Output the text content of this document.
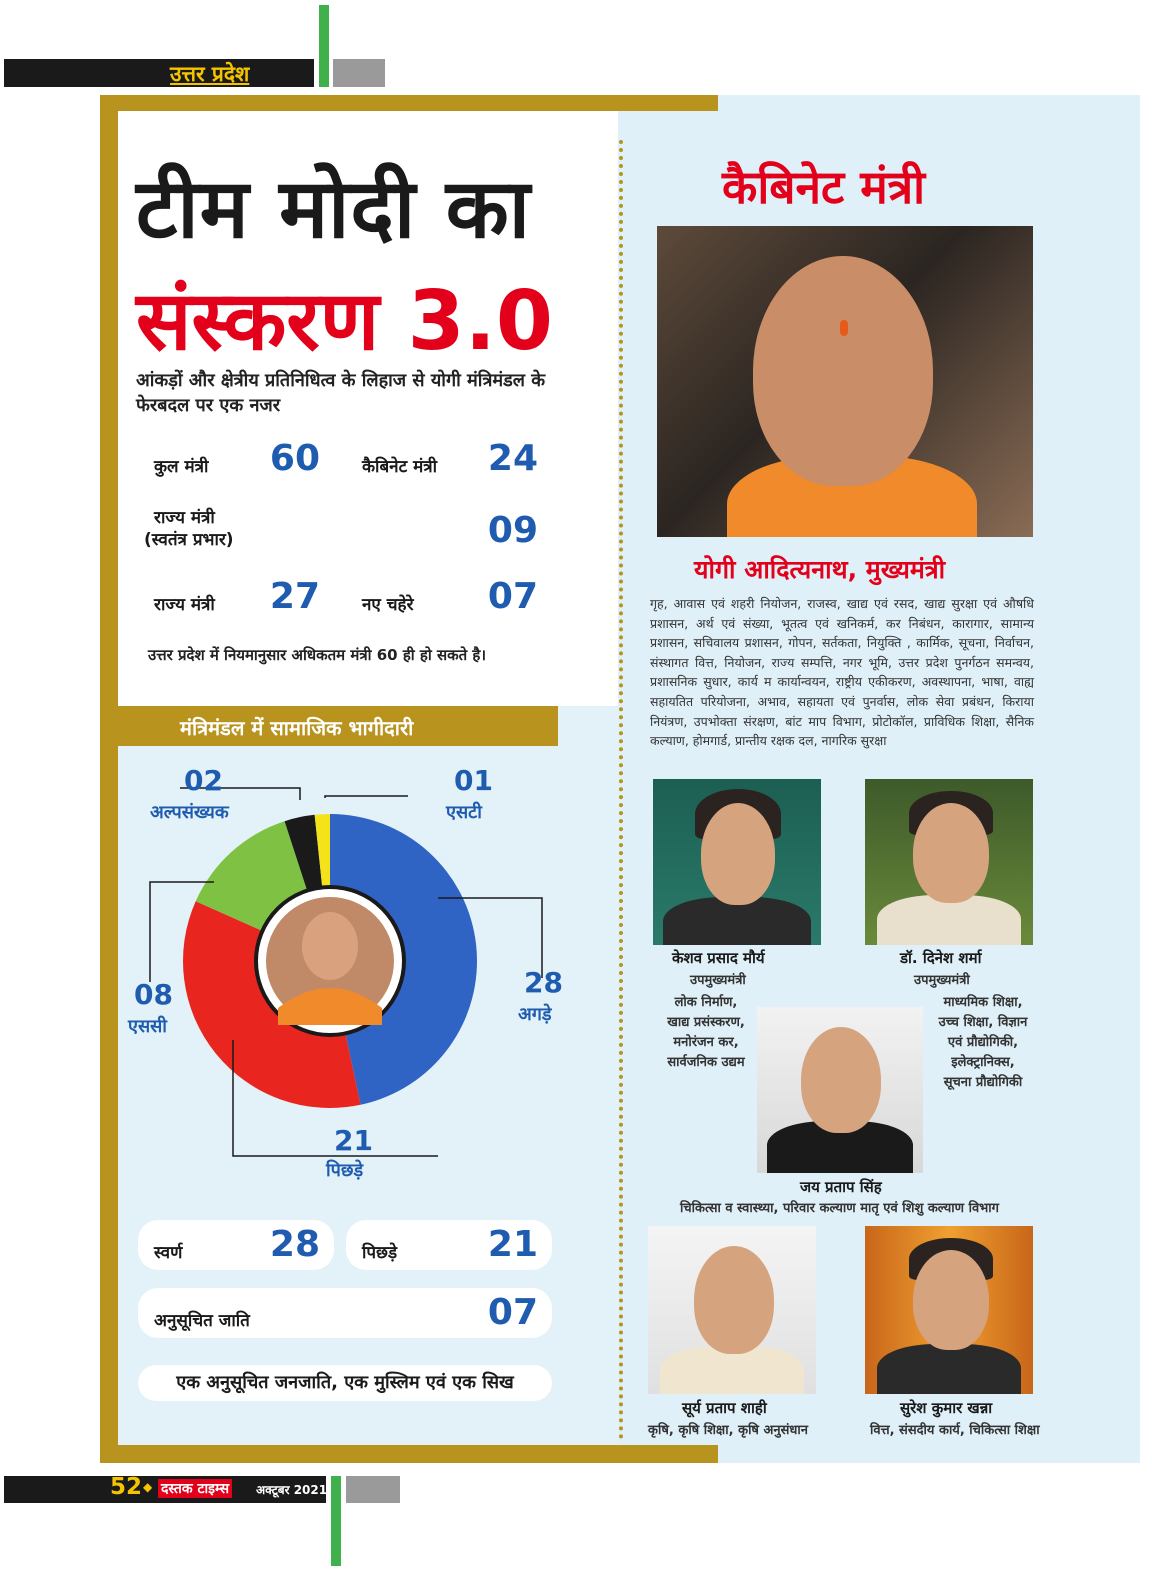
उत्तर प्रदेश
टीम मोदी का
संस्करण 3.0
आंकड़ों और क्षेत्रीय प्रतिनिधित्व के लिहाज से योगी मंत्रिमंडल के फेरबदल पर एक नजर
कुल मंत्री 60 कैबिनेट मंत्री 24
राज्य मंत्री
(स्वतंत्र प्रभार)	09
राज्य मंत्री 27 नए चहेरे 07
उत्तर प्रदेश में नियमानुसार अधिकतम मंत्री 60 ही हो सकते है।
मंत्रिमंडल में सामाजिक भागीदारी
02
अल्पसंख्यक
01
एसटी
28
अगड़े
08
एससी
21
पिछड़े
स्वर्ण 28 पिछड़े	21
अनुसूचित जाति	07
एक अनुसूचित जनजाति, एक मुस्लिम एवं एक सिख
कैबिनेट मंत्री
योगी आदित्यनाथ, मुख्यमंत्री
गृह, आवास एवं शहरी नियोजन, राजस्व, खाद्य एवं रसद, खाद्य सुरक्षा एवं औषधि प्रशासन, अर्थ एवं संख्या, भूतत्व एवं खनिकर्म, कर निबंधन, कारागार, सामान्य प्रशासन, सचिवालय प्रशासन, गोपन, सर्तकता, नियुक्ति , कार्मिक, सूचना, निर्वाचन, संस्थागत वित्त, नियोजन, राज्य सम्पत्ति, नगर भूमि, उत्तर प्रदेश पुनर्गठन समन्वय, प्रशासनिक सुधार, कार्य म कार्यान्वयन, राष्ट्रीय एकीकरण, अवस्थापना, भाषा, वाह्य सहायतित परियोजना, अभाव, सहायता एवं पुनर्वास, लोक सेवा प्रबंधन, किराया नियंत्रण, उपभोक्ता संरक्षण, बांट माप विभाग, प्रोटोकॉल, प्राविधिक शिक्षा, सैनिक कल्याण, होमगार्ड, प्रान्तीय रक्षक दल, नागरिक सुरक्षा
केशव प्रसाद मौर्य
उपमुख्यमंत्री
लोक निर्माण,
खाद्य प्रसंस्करण,
मनोरंजन कर,
सार्वजनिक उद्यम
डॉ. दिनेश शर्मा
उपमुख्यमंत्री
माध्यमिक शिक्षा,
उच्च शिक्षा, विज्ञान
एवं प्रौद्योगिकी,
इलेक्ट्रानिक्स,
सूचना प्रौद्योगिकी
जय प्रताप सिंह
चिकित्सा व स्वास्थ्या, परिवार कल्याण मातृ एवं शिशु कल्याण विभाग
सूर्य प्रताप शाही
कृषि, कृषि शिक्षा, कृषि अनुसंधान
सुरेश कुमार खन्ना
वित्त, संसदीय कार्य, चिकित्सा शिक्षा
52 ◆ दस्तक टाइम्स अक्टूबर 2021
